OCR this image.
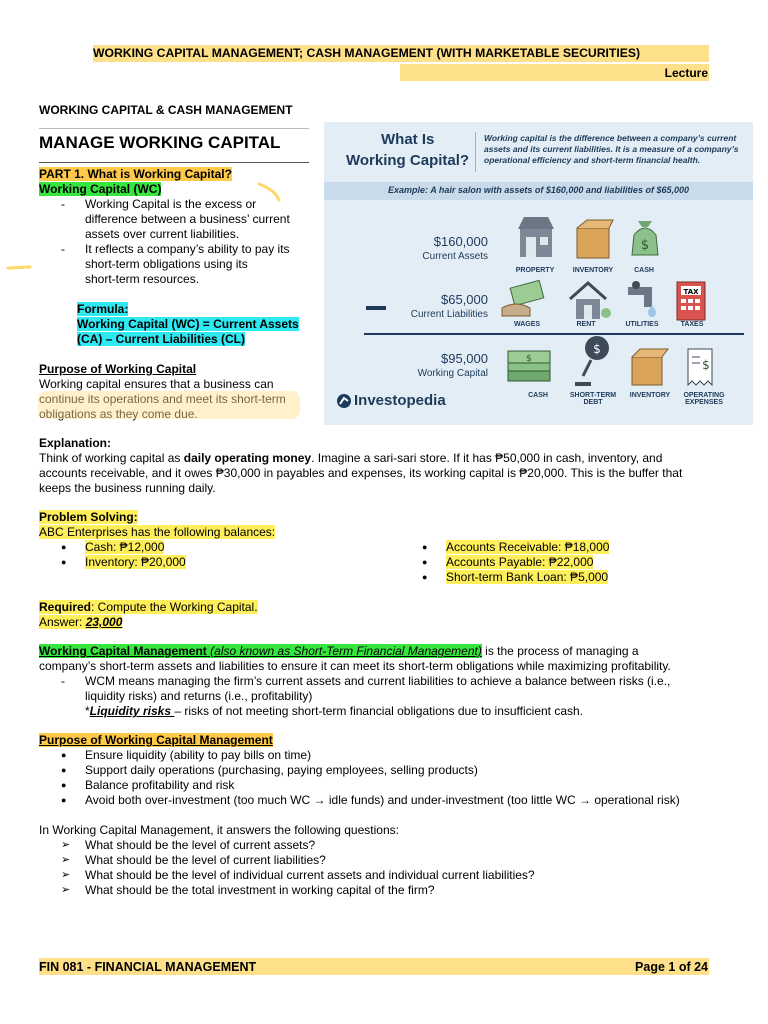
WORKING CAPITAL MANAGEMENT; CASH MANAGEMENT (WITH MARKETABLE SECURITIES)
Lecture
WORKING CAPITAL & CASH MANAGEMENT
MANAGE WORKING CAPITAL
PART 1. What is Working Capital?
Working Capital (WC)
- Working Capital is the excess or
difference between a business’ current
assets over current liabilities.
- It reflects a company’s ability to pay its
short-term obligations using its
short-term resources.
Formula:
Working Capital (WC) = Current Assets
(CA) – Current Liabilities (CL)
Purpose of Working Capital
Working capital ensures that a business can
continue its operations and meet its short-term
obligations as they come due.
What Is
Working Capital?
Working capital is the difference between a company’s current assets and its current liabilities. It is a measure of a company’s operational efficiency and short-term financial health.
Example: A hair salon with assets of $160,000 and liabilities of $65,000
$160,000
Current Assets
$
PROPERTY	INVENTORY	CASH
$65,000
Current Liabilities
TAX
WAGES	RENT	UTILITIES	TAXES
$95,000
Working Capital
$
$
$
CASH	SHORT-TERM DEBT
INVENTORY	OPERATING EXPENSES
Investopedia
Explanation:
Think of working capital as daily operating money. Imagine a sari-sari store. If it has ₱50,000 in cash, inventory, and
accounts receivable, and it owes ₱30,000 in payables and expenses, its working capital is ₱20,000. This is the buffer that
keeps the business running daily.
Problem Solving:
ABC Enterprises has the following balances:
● Cash: ₱12,000
● Inventory: ₱20,000
● Accounts Receivable: ₱18,000
● Accounts Payable: ₱22,000
● Short-term Bank Loan: ₱5,000
Required: Compute the Working Capital.
Answer: 23,000
Working Capital Management (also known as Short-Term Financial Management) is the process of managing a
company’s short-term assets and liabilities to ensure it can meet its short-term obligations while maximizing profitability.
- WCM means managing the firm’s current assets and current liabilities to achieve a balance between risks (i.e.,
liquidity risks) and returns (i.e., profitability)
*Liquidity risks – risks of not meeting short-term financial obligations due to insufficient cash.
Purpose of Working Capital Management
● Ensure liquidity (ability to pay bills on time)
● Support daily operations (purchasing, paying employees, selling products)
● Balance profitability and risk
● Avoid both over-investment (too much WC → idle funds) and under-investment (too little WC → operational risk)
In Working Capital Management, it answers the following questions:
➢ What should be the level of current assets?
➢ What should be the level of current liabilities?
➢ What should be the level of individual current assets and individual current liabilities?
➢ What should be the total investment in working capital of the firm?
FIN 081 - FINANCIAL MANAGEMENT	Page 1 of 24
